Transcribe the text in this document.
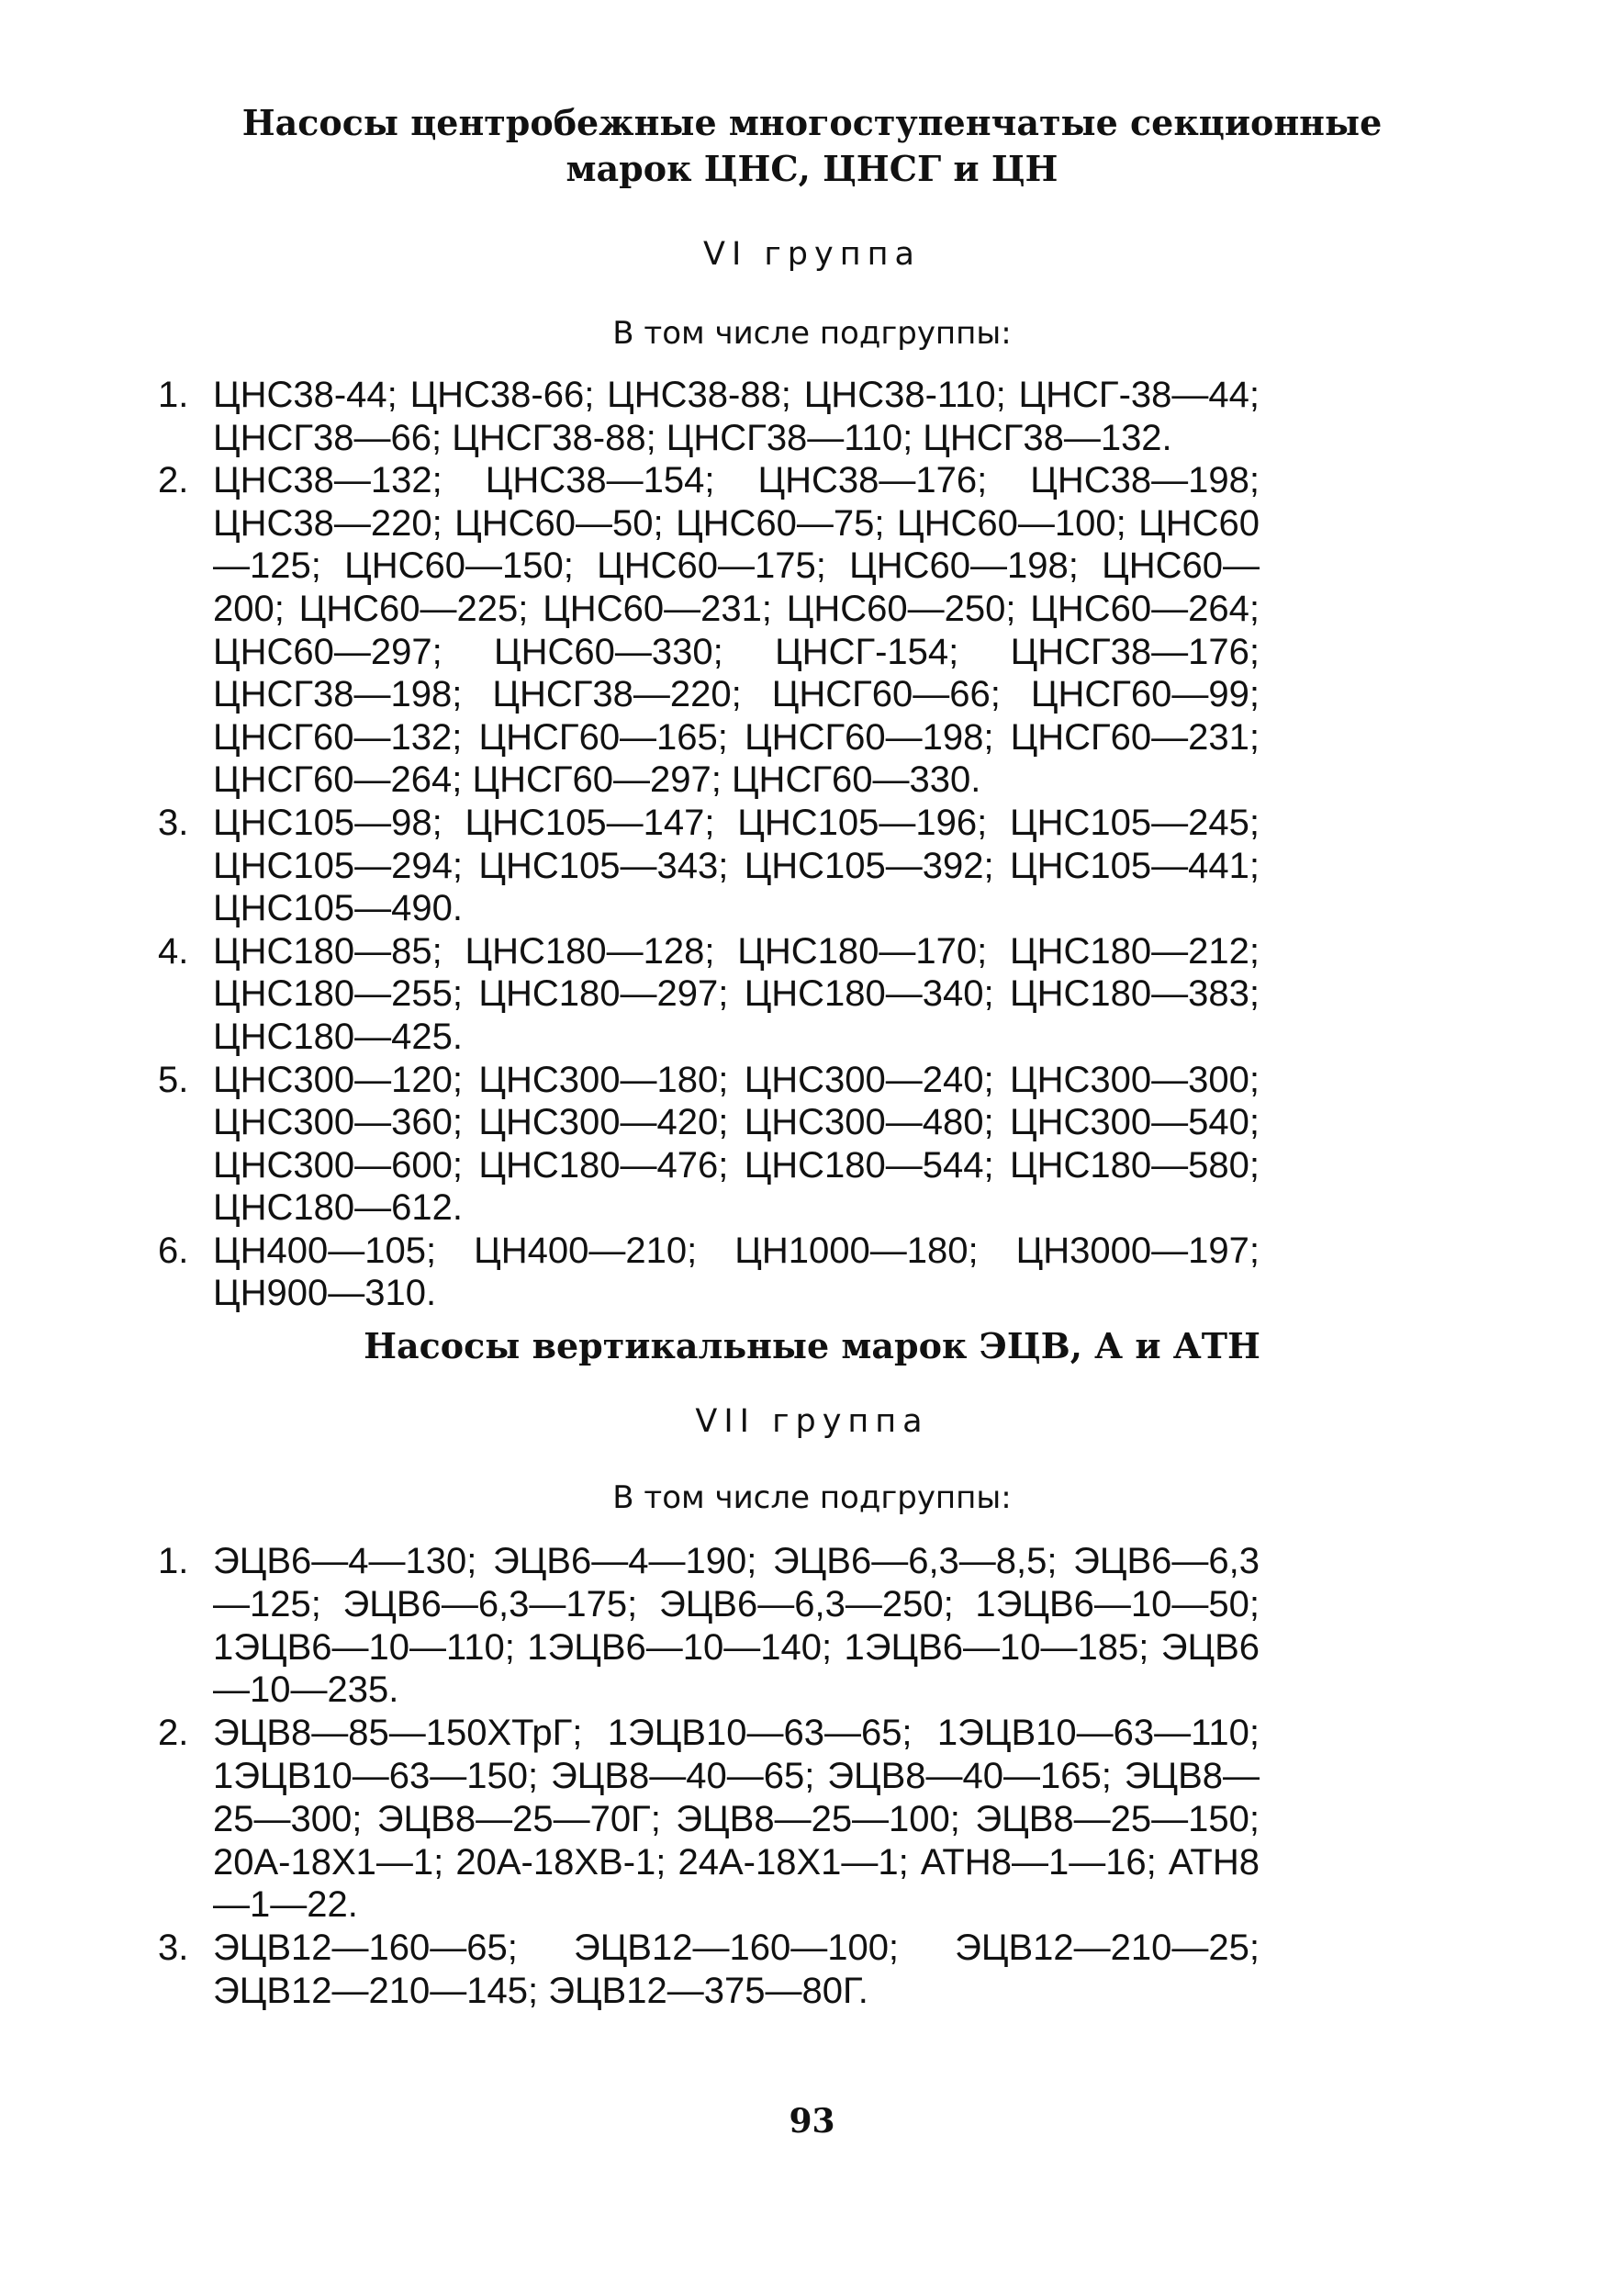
Насосы центробежные многоступенчатые секционные
марок ЦНС, ЦНСГ и ЦН
VI группа
В том числе подгруппы:
1. ЦНС38-44; ЦНС38-66; ЦНС38-88; ЦНС38-110; ЦНСГ-38—44; ЦНСГ38—66; ЦНСГ38-88; ЦНСГ38—110; ЦНСГ38—132.
2. ЦНС38—132; ЦНС38—154; ЦНС38—176; ЦНС38—198; ЦНС38—220; ЦНС60—50; ЦНС60—75; ЦНС60—100; ЦНС60—125; ЦНС60—150; ЦНС60—175; ЦНС60—198; ЦНС60—200; ЦНС60—225; ЦНС60—231; ЦНС60—250; ЦНС60—264; ЦНС60—297; ЦНС60—330; ЦНСГ-154; ЦНСГ38—176; ЦНСГ38—198; ЦНСГ38—220; ЦНСГ60—66; ЦНСГ60—99; ЦНСГ60—132; ЦНСГ60—165; ЦНСГ60—198; ЦНСГ60—231; ЦНСГ60—264; ЦНСГ60—297; ЦНСГ60—330.
3. ЦНС105—98; ЦНС105—147; ЦНС105—196; ЦНС105—245; ЦНС105—294; ЦНС105—343; ЦНС105—392; ЦНС105—441; ЦНС105—490.
4. ЦНС180—85; ЦНС180—128; ЦНС180—170; ЦНС180—212; ЦНС180—255; ЦНС180—297; ЦНС180—340; ЦНС180—383; ЦНС180—425.
5. ЦНС300—120; ЦНС300—180; ЦНС300—240; ЦНС300—300; ЦНС300—360; ЦНС300—420; ЦНС300—480; ЦНС300—540; ЦНС300—600; ЦНС180—476; ЦНС180—544; ЦНС180—580; ЦНС180—612.
6. ЦН400—105; ЦН400—210; ЦН1000—180; ЦН3000—197; ЦН900—310.
Насосы вертикальные марок ЭЦВ, А и АТН
VII группа
В том числе подгруппы:
1. ЭЦВ6—4—130; ЭЦВ6—4—190; ЭЦВ6—6,3—8,5; ЭЦВ6—6,3—125; ЭЦВ6—6,3—175; ЭЦВ6—6,3—250; 1ЭЦВ6—10—50; 1ЭЦВ6—10—110; 1ЭЦВ6—10—140; 1ЭЦВ6—10—185; ЭЦВ6—10—235.
2. ЭЦВ8—85—150ХТрГ; 1ЭЦВ10—63—65; 1ЭЦВ10—63—110; 1ЭЦВ10—63—150; ЭЦВ8—40—65; ЭЦВ8—40—165; ЭЦВ8—25—300; ЭЦВ8—25—70Г; ЭЦВ8—25—100; ЭЦВ8—25—150; 20А-18Х1—1; 20А-18ХВ-1; 24А-18Х1—1; АТН8—1—16; АТН8—1—22.
3. ЭЦВ12—160—65; ЭЦВ12—160—100; ЭЦВ12—210—25; ЭЦВ12—210—145; ЭЦВ12—375—80Г.
93
